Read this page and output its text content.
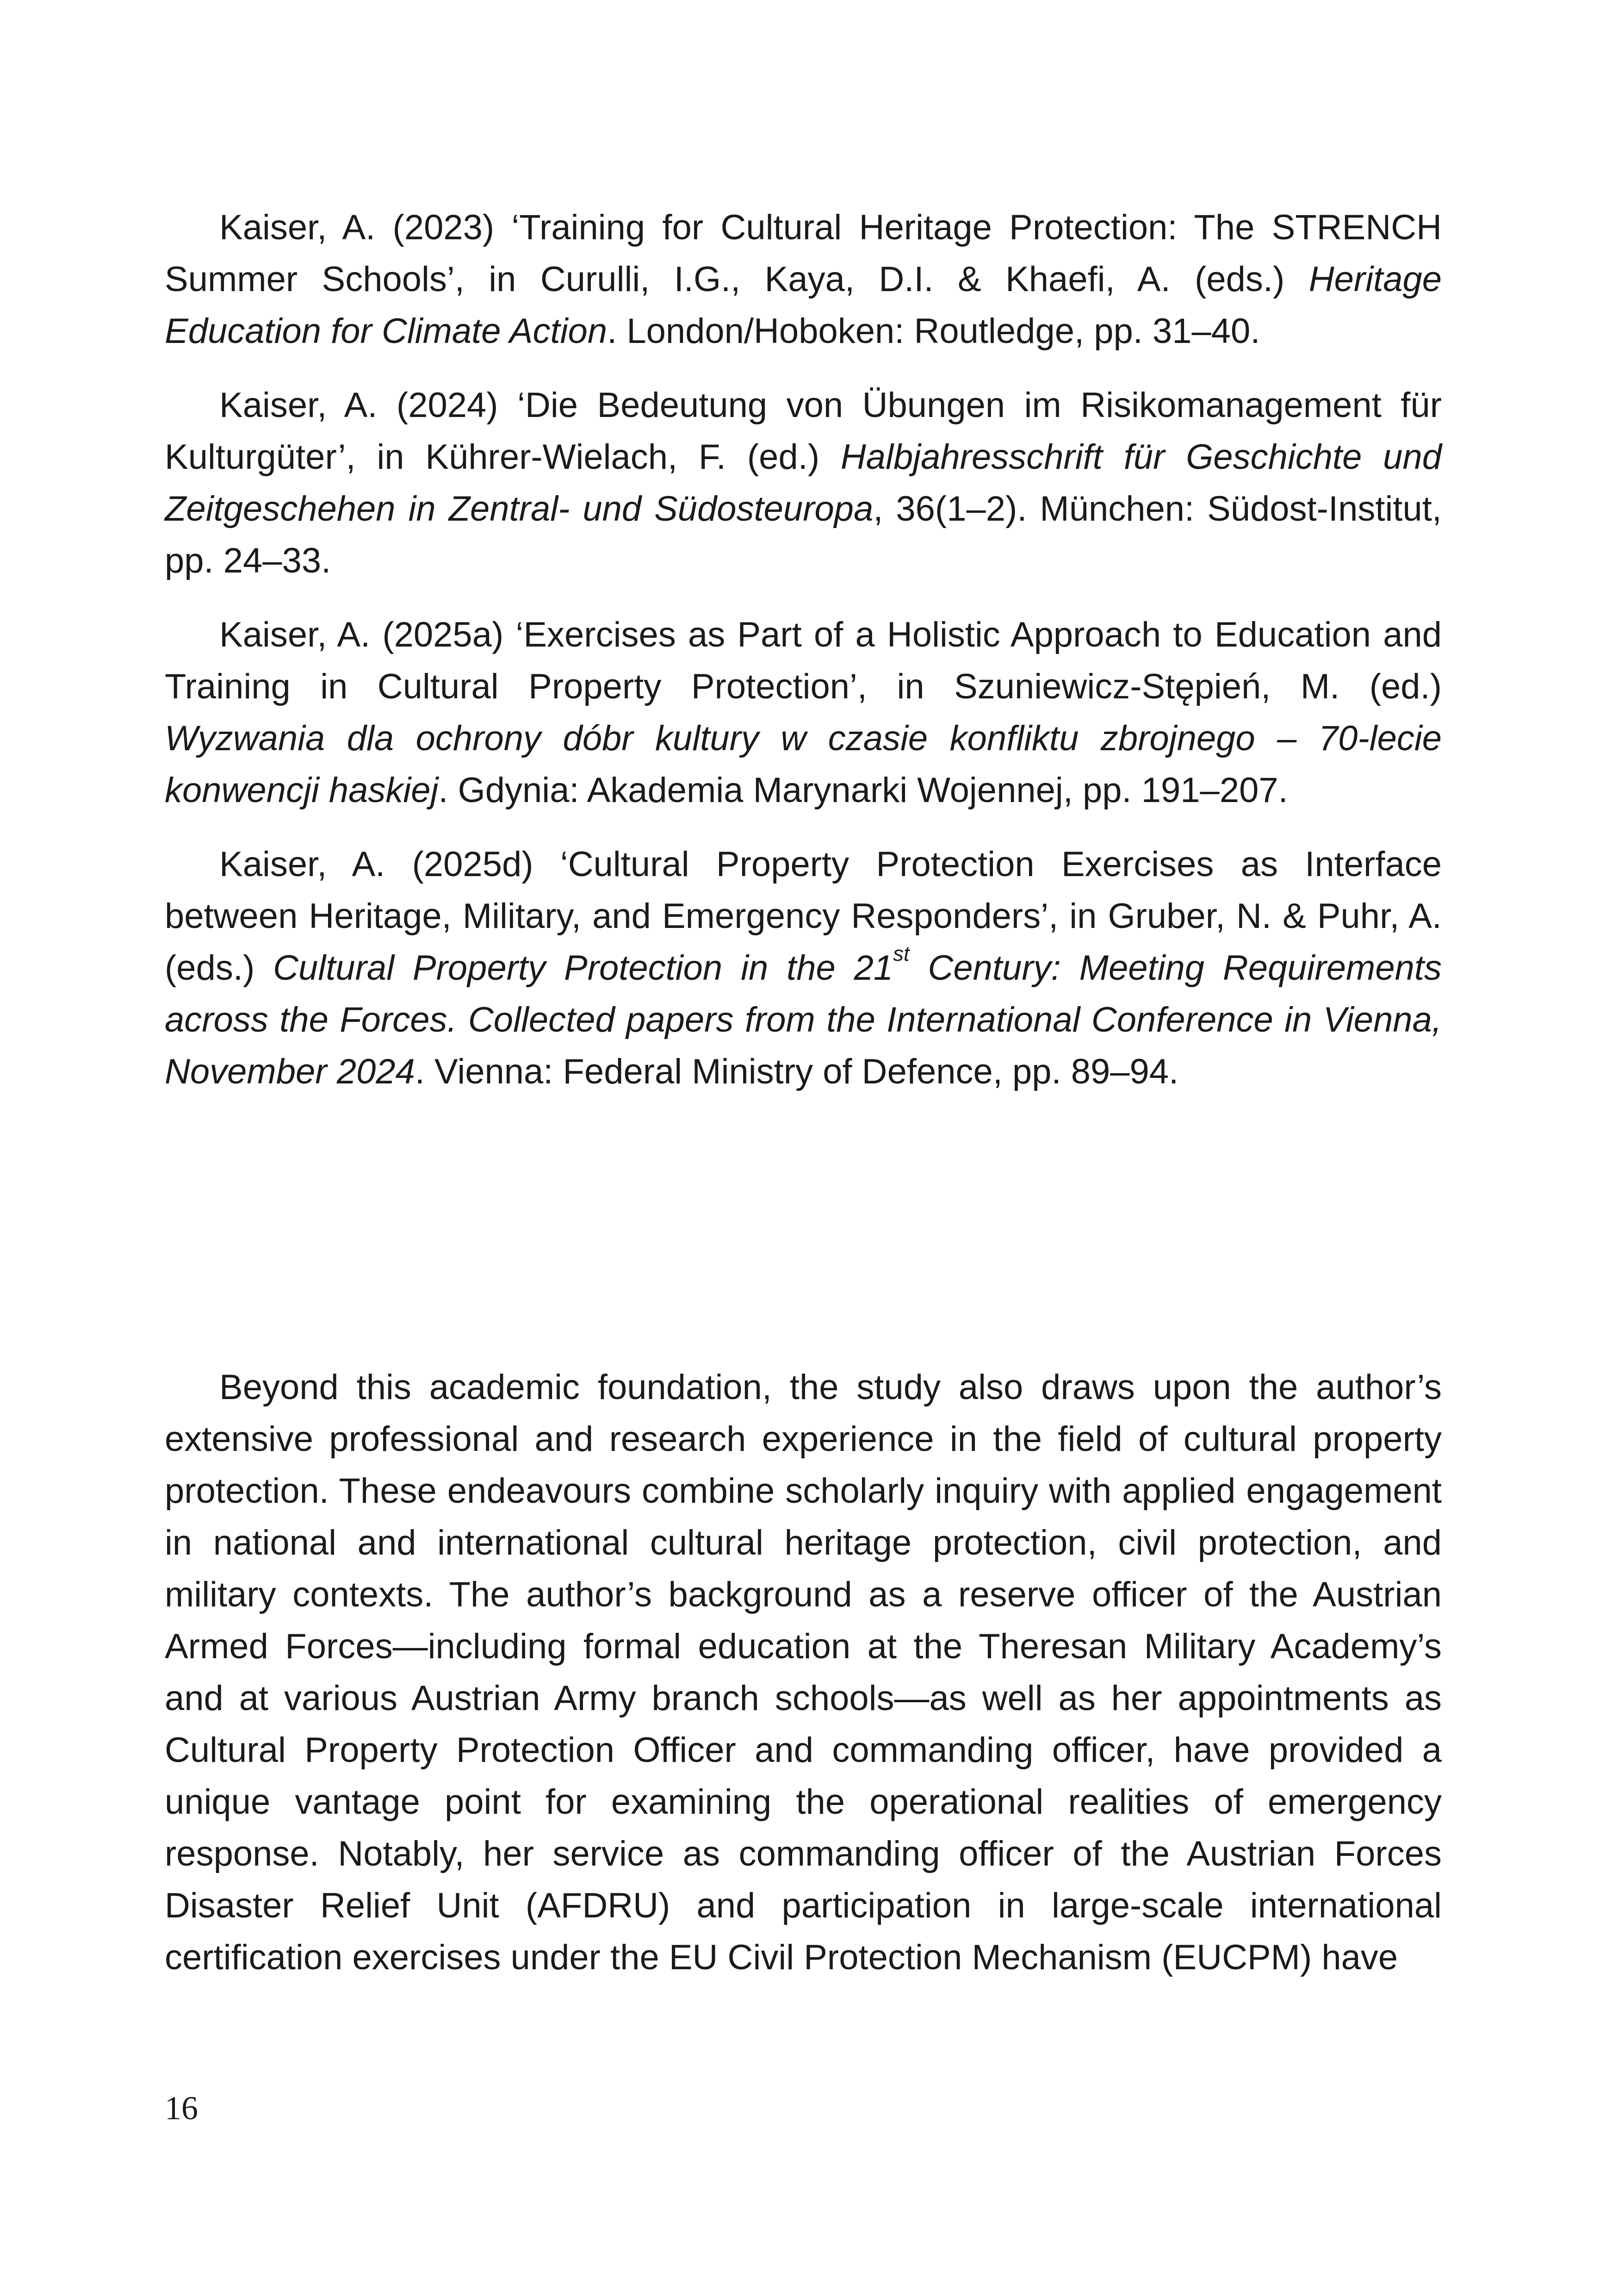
Kaiser, A. (2023) ‘Training for Cultural Heritage Protection: The STRENCH Summer Schools’, in Curulli, I.G., Kaya, D.I. & Khaefi, A. (eds.) Heritage Education for Climate Action. London/Hoboken: Routledge, pp. 31–40.

Kaiser, A. (2024) ‘Die Bedeutung von Übungen im Risikomanagement für Kulturgüter’, in Kührer-Wielach, F. (ed.) Halbjahresschrift für Geschichte und Zeitgeschehen in Zentral- und Südosteuropa, 36(1–2). München: Südost-Institut, pp. 24–33.

Kaiser, A. (2025a) ‘Exercises as Part of a Holistic Approach to Education and Training in Cultural Property Protection’, in Szuniewicz-Stępień, M. (ed.) Wyzwania dla ochrony dóbr kultury w czasie konfliktu zbrojnego – 70-lecie konwencji haskiej. Gdynia: Akademia Marynarki Wojennej, pp. 191–207.

Kaiser, A. (2025d) ‘Cultural Property Protection Exercises as Interface between Heritage, Military, and Emergency Responders’, in Gruber, N. & Puhr, A. (eds.) Cultural Property Protection in the 21st Century: Meeting Requirements across the Forces. Collected papers from the International Conference in Vienna, November 2024. Vienna: Federal Ministry of Defence, pp. 89–94.

Beyond this academic foundation, the study also draws upon the author’s extensive professional and research experience in the field of cultural property protection. These endeavours combine scholarly inquiry with applied engagement in national and international cultural heritage protection, civil protection, and military contexts. The author’s background as a reserve officer of the Austrian Armed Forces—including formal education at the Theresan Military Academy’s and at various Austrian Army branch schools—as well as her appointments as Cultural Property Protection Officer and commanding officer, have provided a unique vantage point for examining the operational realities of emergency response. Notably, her service as commanding officer of the Austrian Forces Disaster Relief Unit (AFDRU) and participation in large-scale international certification exercises under the EU Civil Protection Mechanism (EUCPM) have

16
